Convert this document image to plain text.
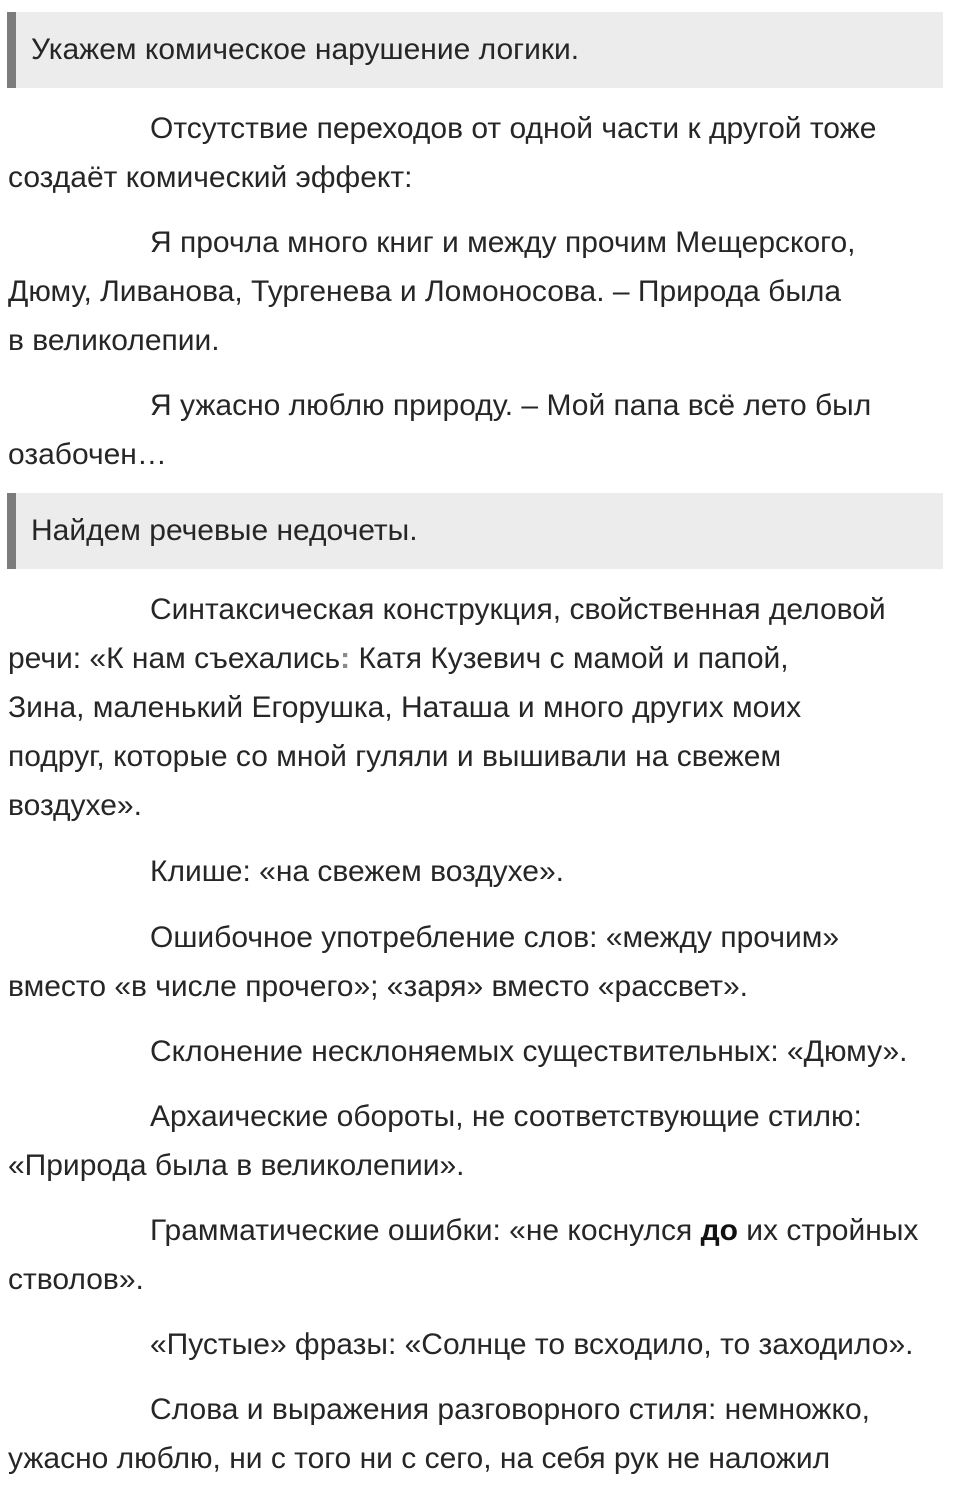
Укажем комическое нарушение логики.

Отсутствие переходов от одной части к другой тоже
создаёт комический эффект:

Я прочла много книг и между прочим Мещерского,
Дюму, Ливанова, Тургенева и Ломоносова. – Природа была
в великолепии.

Я ужасно люблю природу. – Мой папа всё лето был
озабочен…

Найдем речевые недочеты.

Синтаксическая конструкция, свойственная деловой
речи: «К нам съехались: Катя Кузевич с мамой и папой,
Зина, маленький Егорушка, Наташа и много других моих
подруг, которые со мной гуляли и вышивали на свежем
воздухе».

Клише: «на свежем воздухе».

Ошибочное употребление слов: «между прочим»
вместо «в числе прочего»; «заря» вместо «рассвет».

Склонение несклоняемых существительных: «Дюму».

Архаические обороты, не соответствующие стилю:
«Природа была в великолепии».

Грамматические ошибки: «не коснулся до их стройных
стволов».

«Пустые» фразы: «Солнце то всходило, то заходило».

Слова и выражения разговорного стиля: немножко,
ужасно люблю, ни с того ни с сего, на себя рук не наложил
